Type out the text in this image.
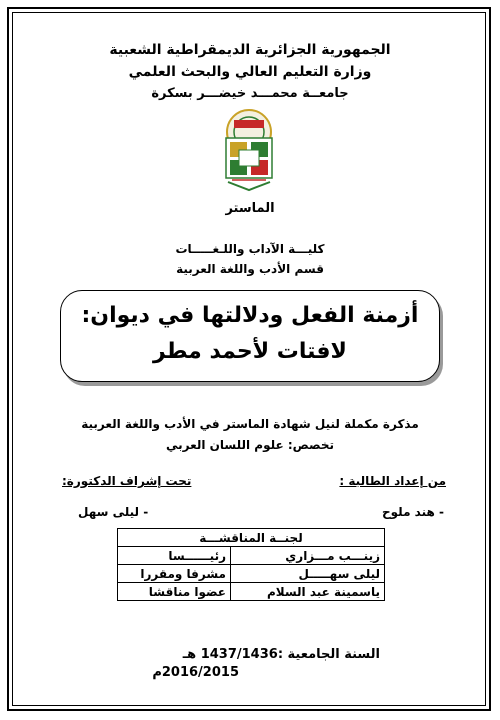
الجمهورية الجزائرية الديمقراطية الشعبية
وزارة التعليم العالي والبحث العلمي
جامعــة محمـــد خيضـــر بسكرة
الماستر
كليـــة الآداب واللـغـــــات
قسم الأدب واللغة العربية
أزمنة الفعل ودلالتها في ديوان:
لافتات لأحمد مطر
مذكرة مكملة لنيل شهادة الماستر في الأدب واللغة العربية
تخصص: علوم اللسان العربي
من إعداد الطالبة :
تحت إشراف الدكتورة:
- هند ملوح
- ليلى سهل
لجنــة المناقشـــة	
زينـــب مـــزاري	رئيــــــسا
ليلى سهـــــل	مشرفا ومقررا
ياسمينة عبد السلام	عضوا مناقشا
السنة الجامعية :1437/1436 هـ
2016/2015م
